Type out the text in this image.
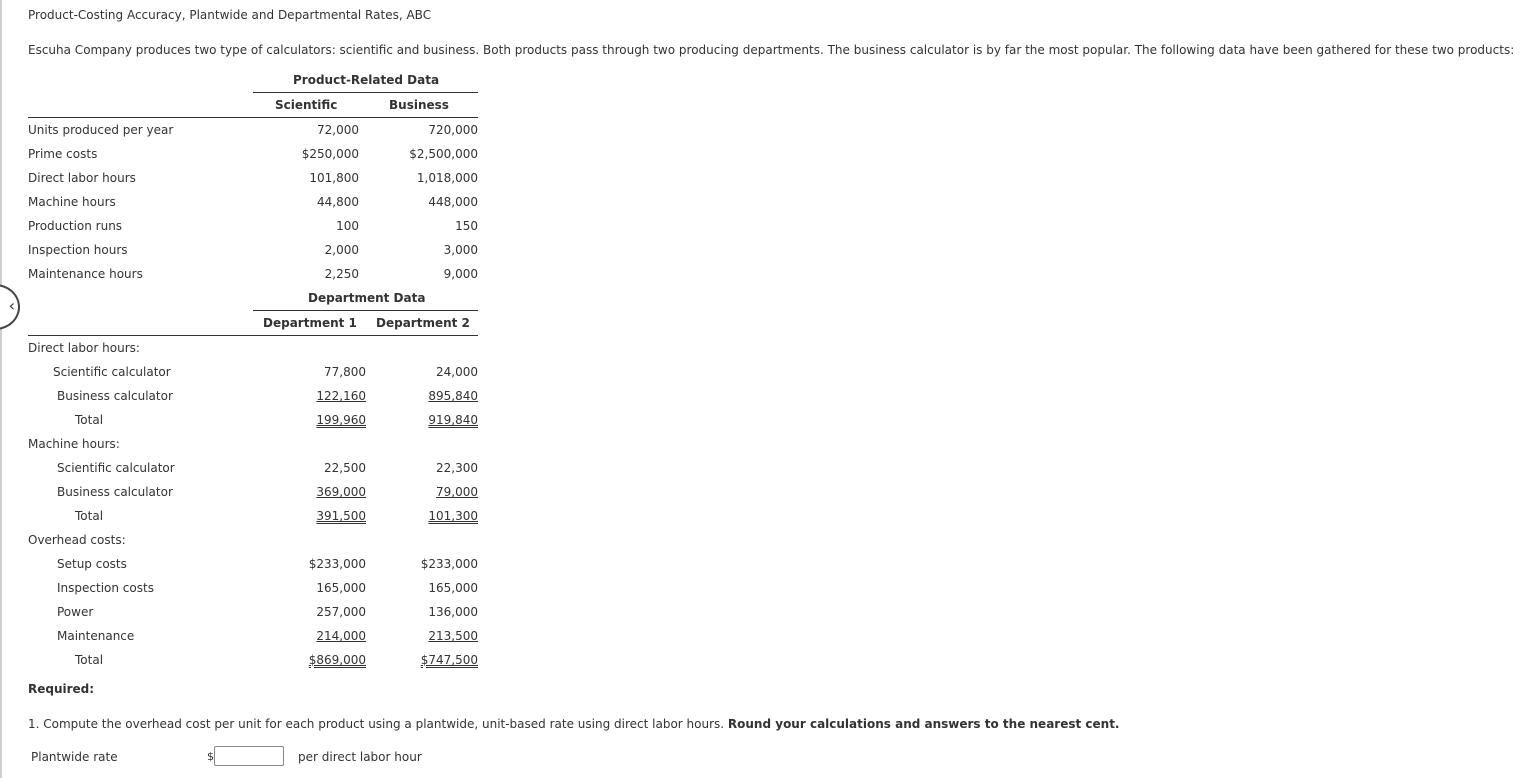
‹
Product-Costing Accuracy, Plantwide and Departmental Rates, ABC
Escuha Company produces two type of calculators: scientific and business. Both products pass through two producing departments. The business calculator is by far the most popular. The following data have been gathered for these two products:
Product-Related Data
Scientific	Business
Units produced per year	72,000	720,000
Prime costs	$250,000	$2,500,000
Direct labor hours	101,800	1,018,000
Machine hours	44,800	448,000
Production runs	100	150
Inspection hours	2,000	3,000
Maintenance hours	2,250	9,000
Department Data
Department 1 Department 2
Direct labor hours:
Scientific calculator	77,800	24,000
Business calculator	122,160	895,840
Total	199,960	919,840
Machine hours:
Scientific calculator	22,500	22,300
Business calculator	369,000	79,000
Total	391,500	101,300
Overhead costs:
Setup costs	$233,000	$233,000
Inspection costs	165,000	165,000
Power	257,000	136,000
Maintenance	214,000	213,500
Total	$869,000	$747,500
Required:
1. Compute the overhead cost per unit for each product using a plantwide, unit-based rate using direct labor hours. Round your calculations and answers to the nearest cent.
Plantwide rate	$	per direct labor hour
